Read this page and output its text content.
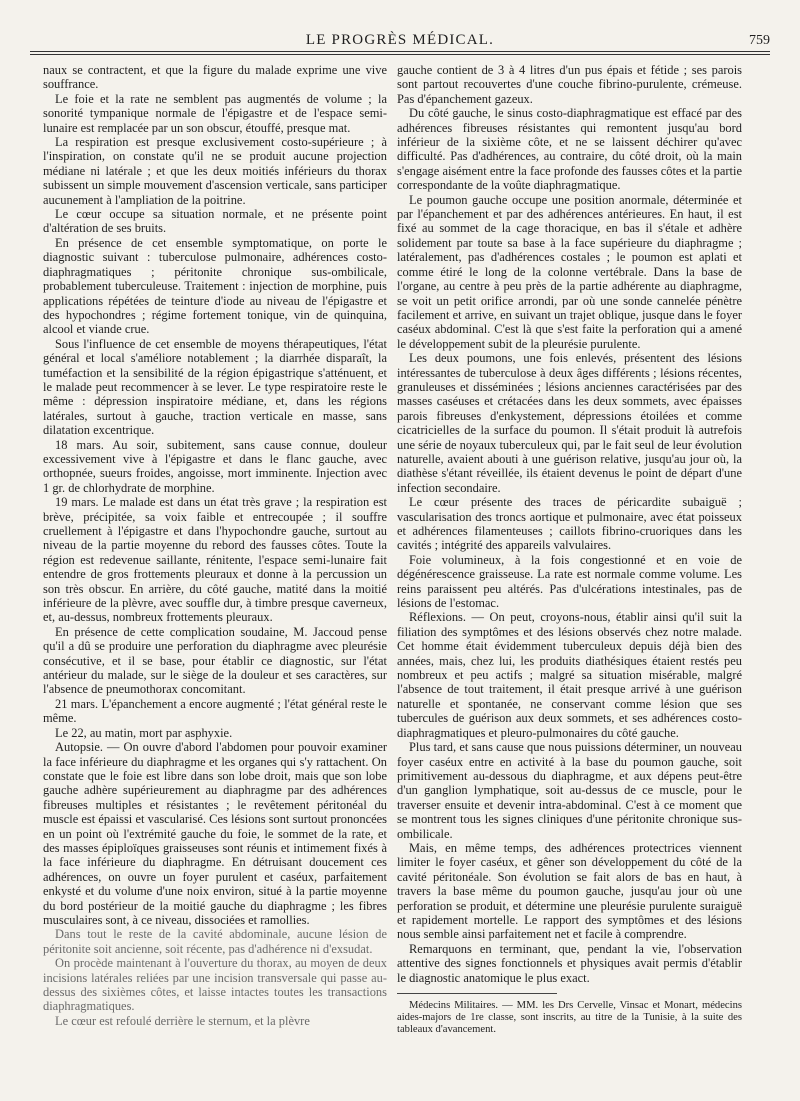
LE PROGRÈS MÉDICAL.	759

naux se contractent, et que la figure du malade exprime une vive souffrance.

Le foie et la rate ne semblent pas augmentés de volume ; la sonorité tympanique normale de l'épigastre et de l'espace semi-lunaire est remplacée par un son obscur, étouffé, presque mat.

La respiration est presque exclusivement costo-supérieure ; à l'inspiration, on constate qu'il ne se produit aucune projection médiane ni latérale ; et que les deux moitiés inférieurs du thorax subissent un simple mouvement d'ascension verticale, sans participer aucunement à l'ampliation de la poitrine.

Le cœur occupe sa situation normale, et ne présente point d'altération de ses bruits.

En présence de cet ensemble symptomatique, on porte le diagnostic suivant : tuberculose pulmonaire, adhérences costo-diaphragmatiques ; péritonite chronique sus-ombilicale, probablement tuberculeuse. Traitement : injection de morphine, puis applications répétées de teinture d'iode au niveau de l'épigastre et des hypochondres ; régime fortement tonique, vin de quinquina, alcool et viande crue.

Sous l'influence de cet ensemble de moyens thérapeutiques, l'état général et local s'améliore notablement ; la diarrhée disparaît, la tuméfaction et la sensibilité de la région épigastrique s'atténuent, et le malade peut recommencer à se lever. Le type respiratoire reste le même : dépression inspiratoire médiane, et, dans les régions latérales, surtout à gauche, traction verticale en masse, sans dilatation excentrique.

18 mars. Au soir, subitement, sans cause connue, douleur excessivement vive à l'épigastre et dans le flanc gauche, avec orthopnée, sueurs froides, angoisse, mort imminente. Injection avec 1 gr. de chlorhydrate de morphine.

19 mars. Le malade est dans un état très grave ; la respiration est brève, précipitée, sa voix faible et entrecoupée ; il souffre cruellement à l'épigastre et dans l'hypochondre gauche, surtout au niveau de la partie moyenne du rebord des fausses côtes. Toute la région est redevenue saillante, rénitente, l'espace semi-lunaire fait entendre de gros frottements pleuraux et donne à la percussion un son très obscur. En arrière, du côté gauche, matité dans la moitié inférieure de la plèvre, avec souffle dur, à timbre presque caverneux, et, au-dessus, nombreux frottements pleuraux.

En présence de cette complication soudaine, M. Jaccoud pense qu'il a dû se produire une perforation du diaphragme avec pleurésie consécutive, et il se base, pour établir ce diagnostic, sur l'état antérieur du malade, sur le siège de la douleur et ses caractères, sur l'absence de pneumothorax concomitant.

21 mars. L'épanchement a encore augmenté ; l'état général reste le même.

Le 22, au matin, mort par asphyxie.

Autopsie. — On ouvre d'abord l'abdomen pour pouvoir examiner la face inférieure du diaphragme et les organes qui s'y rattachent. On constate que le foie est libre dans son lobe droit, mais que son lobe gauche adhère supérieurement au diaphragme par des adhérences fibreuses multiples et résistantes ; le revêtement péritonéal du muscle est épaissi et vascularisé. Ces lésions sont surtout prononcées en un point où l'extrémité gauche du foie, le sommet de la rate, et des masses épiploïques graisseuses sont réunis et intimement fixés à la face inférieure du diaphragme. En détruisant doucement ces adhérences, on ouvre un foyer purulent et caséux, parfaitement enkysté et du volume d'une noix environ, situé à la partie moyenne du bord postérieur de la moitié gauche du diaphragme ; les fibres musculaires sont, à ce niveau, dissociées et ramollies.

Dans tout le reste de la cavité abdominale, aucune lésion de péritonite soit ancienne, soit récente, pas d'adhérence ni d'exsudat.

On procède maintenant à l'ouverture du thorax, au moyen de deux incisions latérales reliées par une incision transversale qui passe au-dessus des sixièmes côtes, et laisse intactes toutes les transactions diaphragmatiques.

Le cœur est refoulé derrière le sternum, et la plèvre

gauche contient de 3 à 4 litres d'un pus épais et fétide ; ses parois sont partout recouvertes d'une couche fibrino-purulente, crémeuse. Pas d'épanchement gazeux.

Du côté gauche, le sinus costo-diaphragmatique est effacé par des adhérences fibreuses résistantes qui remontent jusqu'au bord inférieur de la sixième côte, et ne se laissent déchirer qu'avec difficulté. Pas d'adhérences, au contraire, du côté droit, où la main s'engage aisément entre la face profonde des fausses côtes et la partie correspondante de la voûte diaphragmatique.

Le poumon gauche occupe une position anormale, déterminée et par l'épanchement et par des adhérences antérieures. En haut, il est fixé au sommet de la cage thoracique, en bas il s'étale et adhère solidement par toute sa base à la face supérieure du diaphragme ; latéralement, pas d'adhérences costales ; le poumon est aplati et comme étiré le long de la colonne vertébrale. Dans la base de l'organe, au centre à peu près de la partie adhérente au diaphragme, se voit un petit orifice arrondi, par où une sonde cannelée pénètre facilement et arrive, en suivant un trajet oblique, jusque dans le foyer caséux abdominal. C'est là que s'est faite la perforation qui a amené le développement subit de la pleurésie purulente.

Les deux poumons, une fois enlevés, présentent des lésions intéressantes de tuberculose à deux âges différents ; lésions récentes, granuleuses et disséminées ; lésions anciennes caractérisées par des masses caséuses et crétacées dans les deux sommets, avec épaisses parois fibreuses d'enkystement, dépressions étoilées et comme cicatricielles de la surface du poumon. Il s'était produit là autrefois une série de noyaux tuberculeux qui, par le fait seul de leur évolution naturelle, avaient abouti à une guérison relative, jusqu'au jour où, la diathèse s'étant réveillée, ils étaient devenus le point de départ d'une infection secondaire.

Le cœur présente des traces de péricardite subaiguë ; vascularisation des troncs aortique et pulmonaire, avec état poisseux et adhérences filamenteuses ; caillots fibrino-cruoriques dans les cavités ; intégrité des appareils valvulaires.

Foie volumineux, à la fois congestionné et en voie de dégénérescence graisseuse. La rate est normale comme volume. Les reins paraissent peu altérés. Pas d'ulcérations intestinales, pas de lésions de l'estomac.

Réflexions. — On peut, croyons-nous, établir ainsi qu'il suit la filiation des symptômes et des lésions observés chez notre malade. Cet homme était évidemment tuberculeux depuis déjà bien des années, mais, chez lui, les produits diathésiques étaient restés peu nombreux et peu actifs ; malgré sa situation misérable, malgré l'absence de tout traitement, il était presque arrivé à une guérison naturelle et spontanée, ne conservant comme lésion que ses tubercules de guérison aux deux sommets, et ses adhérences costo-diaphragmatiques et pleuro-pulmonaires du côté gauche.

Plus tard, et sans cause que nous puissions déterminer, un nouveau foyer caséux entre en activité à la base du poumon gauche, soit primitivement au-dessous du diaphragme, et aux dépens peut-être d'un ganglion lymphatique, soit au-dessus de ce muscle, pour le traverser ensuite et devenir intra-abdominal. C'est à ce moment que se montrent tous les signes cliniques d'une péritonite chronique sus-ombilicale.

Mais, en même temps, des adhérences protectrices viennent limiter le foyer caséux, et gêner son développement du côté de la cavité péritonéale. Son évolution se fait alors de bas en haut, à travers la base même du poumon gauche, jusqu'au jour où une perforation se produit, et détermine une pleurésie purulente suraiguë et rapidement mortelle. Le rapport des symptômes et des lésions nous semble ainsi parfaitement net et facile à comprendre.

Remarquons en terminant, que, pendant la vie, l'observation attentive des signes fonctionnels et physiques avait permis d'établir le diagnostic anatomique le plus exact.

Médecins Militaires. — MM. les Drs Cervelle, Vinsac et Monart, médecins aides-majors de 1re classe, sont inscrits, au titre de la Tunisie, à la suite des tableaux d'avancement.
